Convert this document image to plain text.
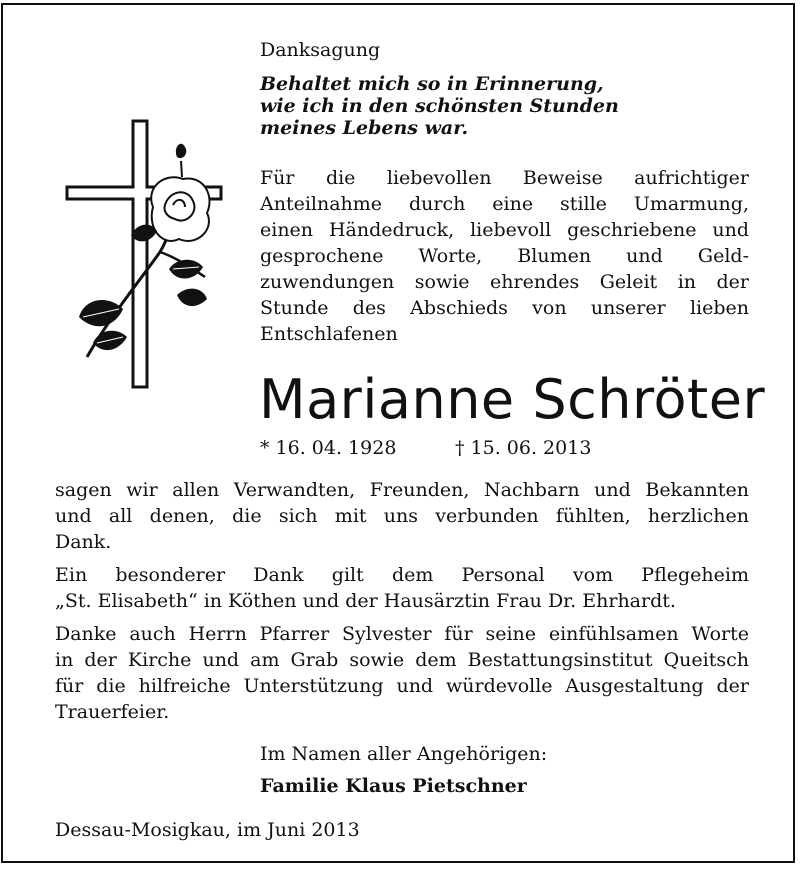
Danksagung
Behaltet mich so in Erinnerung,
wie ich in den schönsten Stunden
meines Lebens war.
Für die liebevollen Beweise aufrichtiger
Anteilnahme durch eine stille Umarmung,
einen Händedruck, liebevoll geschriebene und
gesprochene Worte, Blumen und Geld-
zuwendungen sowie ehrendes Geleit in der
Stunde des Abschieds von unserer lieben
Entschlafenen
Marianne Schröter
* 16. 04. 1928	† 15. 06. 2013
sagen wir allen Verwandten, Freunden, Nachbarn und Bekannten
und all denen, die sich mit uns verbunden fühlten, herzlichen
Dank.
Ein besonderer Dank gilt dem Personal vom Pflegeheim
„St. Elisabeth“ in Köthen und der Hausärztin Frau Dr. Ehrhardt.
Danke auch Herrn Pfarrer Sylvester für seine einfühlsamen Worte
in der Kirche und am Grab sowie dem Bestattungsinstitut Queitsch
für die hilfreiche Unterstützung und würdevolle Ausgestaltung der
Trauerfeier.
Im Namen aller Angehörigen:
Familie Klaus Pietschner
Dessau-Mosigkau, im Juni 2013
